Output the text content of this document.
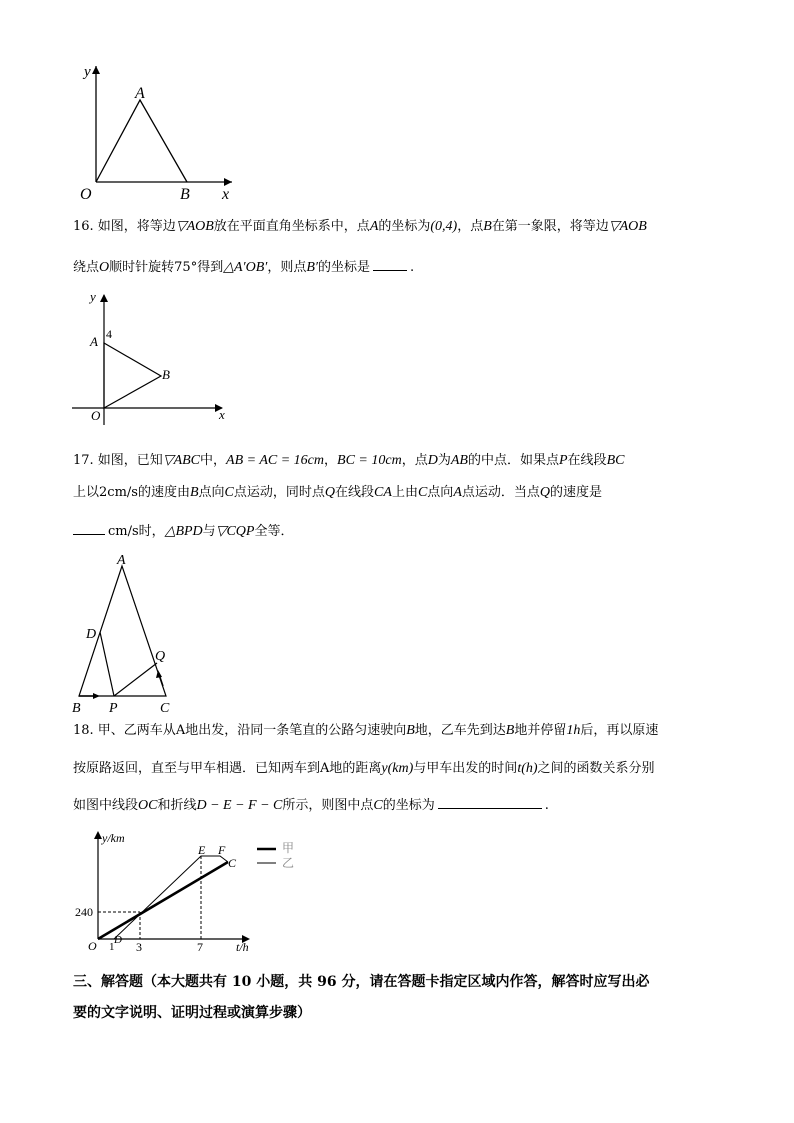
y
A
O	B x
16. 如图，将等边▽AOB放在平面直角坐标系中，点A的坐标为(0,4)，点B在第一象限，将等边▽AOB
绕点O顺时针旋转75°得到△A′OB′，则点B′的坐标是	.
y
A 4
B
O	x
17. 如图，已知▽ABC中，AB = AC = 16cm，BC = 10cm，点D为AB的中点．如果点P在线段BC
上以2cm/s的速度由B点向C点运动，同时点Q在线段CA上由C点向A点运动．当点Q的速度是
cm/s时，△BPD与▽CQP全等．
A
D
Q
B P	C
18. 甲、乙两车从A地出发，沿同一条笔直的公路匀速驶向B地，乙车先到达B地并停留1h后，再以原速
按原路返回，直至与甲车相遇．已知两车到A地的距离y(km)与甲车出发的时间t(h)之间的函数关系分别
如图中线段OC和折线D − E − F − C所示，则图中点C的坐标为	.
甲
乙
y/km
E F
C
240
O D
1 3	7	t/h
三、解答题（本大题共有 10 小题，共 96 分，请在答题卡指定区域内作答，解答时应写出必
要的文字说明、证明过程或演算步骤）
